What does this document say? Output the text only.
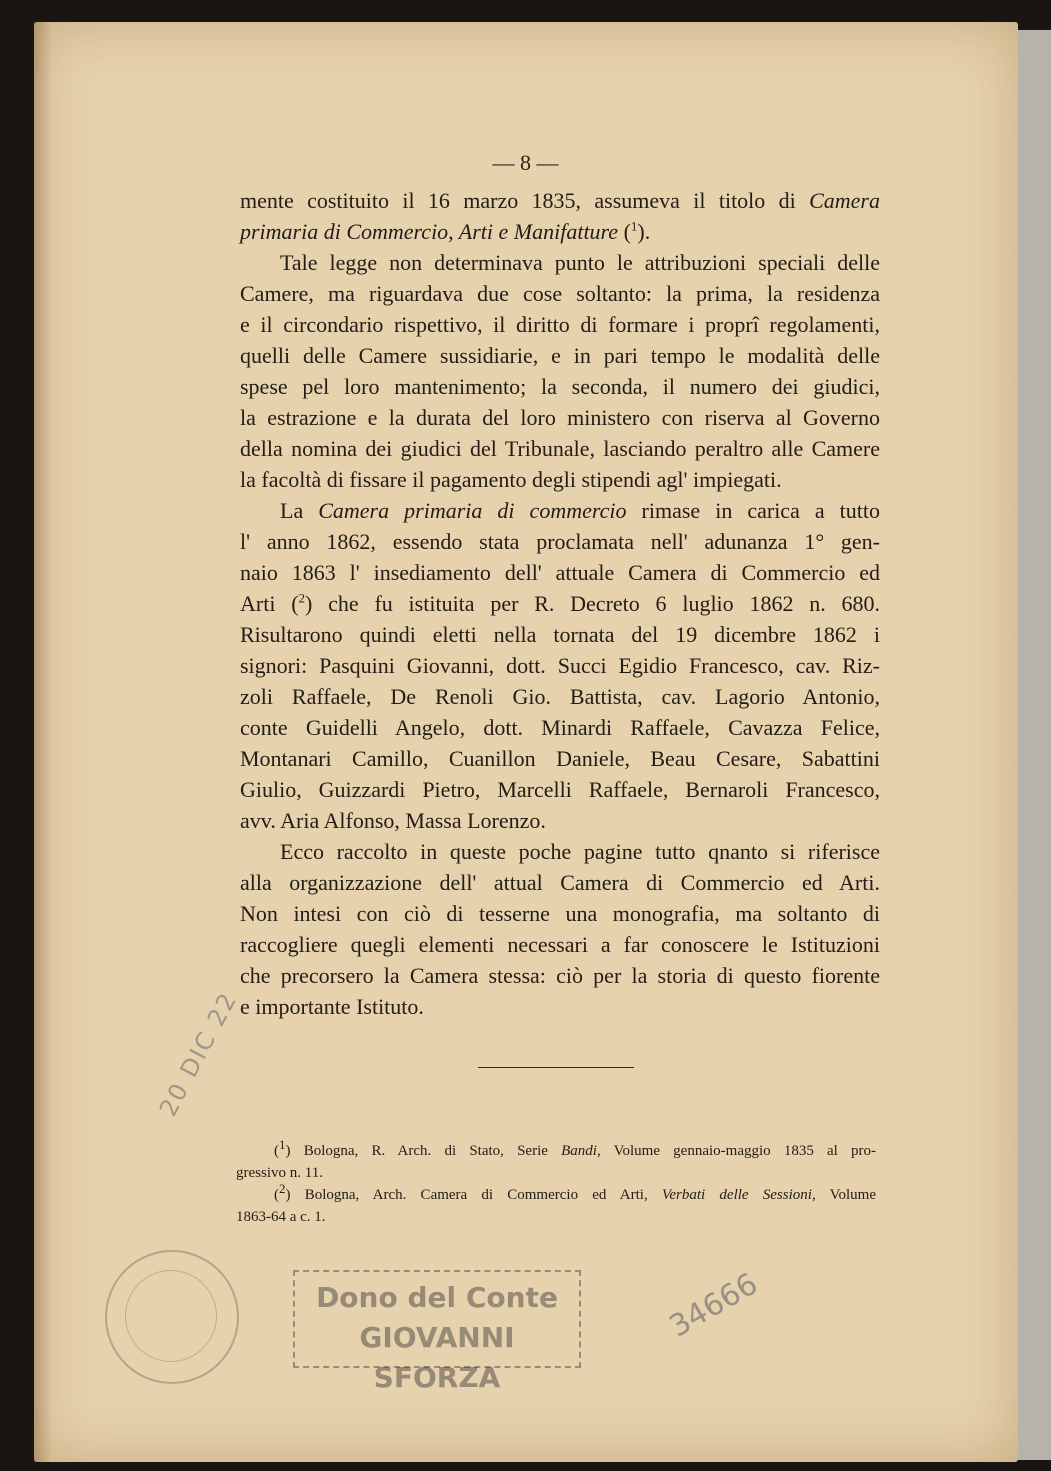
— 8 —

mente costituito il 16 marzo 1835, assumeva il titolo di Camera
primaria di Commercio, Arti e Manifatture ($^1$).

Tale legge non determinava punto le attribuzioni speciali delle
Camere, ma riguardava due cose soltanto: la prima, la residenza
e il circondario rispettivo, il diritto di formare i proprî regolamenti,
quelli delle Camere sussidiarie, e in pari tempo le modalità delle
spese pel loro mantenimento; la seconda, il numero dei giudici,
la estrazione e la durata del loro ministero con riserva al Governo
della nomina dei giudici del Tribunale, lasciando peraltro alle Camere
la facoltà di fissare il pagamento degli stipendi agl' impiegati.
La Camera primaria di commercio rimase in carica a tutto
l' anno 1862, essendo stata proclamata nell' adunanza 1° gen-
naio 1863 l' insediamento dell' attuale Camera di Commercio ed
Arti ($^2$) che fu istituita per R. Decreto 6 luglio 1862 n. 680.
Risultarono quindi eletti nella tornata del 19 dicembre 1862 i
signori: Pasquini Giovanni, dott. Succi Egidio Francesco, cav. Riz-
zoli Raffaele, De Renoli Gio. Battista, cav. Lagorio Antonio,
conte Guidelli Angelo, dott. Minardi Raffaele, Cavazza Felice,
Montanari Camillo, Cuanillon Daniele, Beau Cesare, Sabattini
Giulio, Guizzardi Pietro, Marcelli Raffaele, Bernaroli Francesco,
avv. Aria Alfonso, Massa Lorenzo.
Ecco raccolto in queste poche pagine tutto qnanto si riferisce
alla organizzazione dell' attual Camera di Commercio ed Arti.
Non intesi con ciò di tesserne una monografia, ma soltanto di
raccogliere quegli elementi necessari a far conoscere le Istituzioni
che precorsero la Camera stessa: ciò per la storia di questo fiorente
e importante Istituto.
($^1$) Bologna, R. Arch. di Stato, Serie Bandi, Volume gennaio-maggio 1835 al pro-
gressivo n. 11.
($^2$) Bologna, Arch. Camera di Commercio ed Arti, Verbati delle Sessioni, Volume
1863-64 a c. 1.
20 DIC 22
Dono del Conte
GIOVANNI SFORZA
34666
